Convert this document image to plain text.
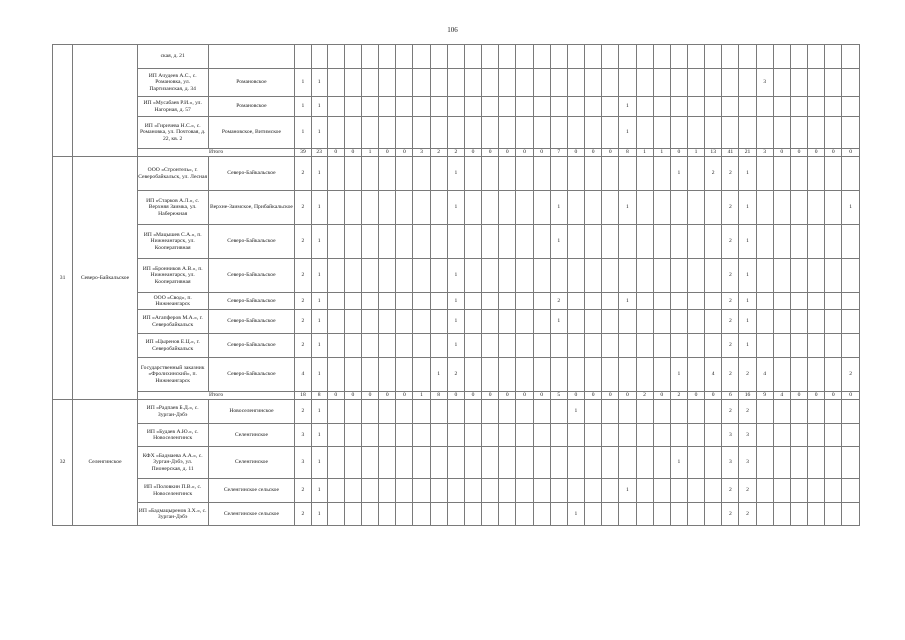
106
		ская, д. 21																																		
		ИП Ачудеев А.С., с. Романовка, ул. Партизанская, д. 34	Романовское	1	1																										3					
		ИП «Мусабаев Р.И.», ул. Нагорная, д. 57	Романовское	1	1																		1													
		ИП «Гиричева Н.С.», с. Романовка, ул. Почтовая, д. 22, кв. 2	Романовское, Витимское	1	1																		1													
		Итого		39	23	0	0	1	0	0	3	2	2	0	0	0	0	0	7	0	0	0	8	1	1	0	1	13	41	21	3	0	0	0	0	0
31	Северо-Байкальское	ООО «Стронтель», г. Северобайкальск, ул. Лесная	Северо-Байкальское	2	1								1													1		2	2	1						
		ИП «Старков А.Л.», с. Верхняя Заимка, ул. Набережная	Верхне-Заимское, Прибайкальское	2	1								1						1				1						2	1						1
		ИП «Мацышев С.А.», п. Нижнеангарск, ул. Кооперативная	Северо-Байкальское	2	1														1										2	1						
		ИП «Бронников А.В.», п. Нижнеангарск, ул. Кооперативная	Северо-Байкальское	2	1								1																2	1						
		ООО «Свод», п. Нижнеангарск	Северо-Байкальское	2	1								1						2				1						2	1						
		ИП «Агапферов М.А.», г. Северобайкальск	Северо-Байкальское	2	1								1						1										2	1						
		ИП «Цыренов Е.Ц.», г. Северобайкальск	Северо-Байкальское	2	1								1																2	1						
		Государственный заказник «Фролихинский», п. Нижнеангарск	Северо-Байкальское	4	1							1	2													1		4	2	2	4					2
		Итого		18	8	0	0	0	0	0	1	8	0	0	0	0	0	0	5	0	0	0	0	2	0	2	0	0	6	16	9	4	0	0	0	0
32	Селенгинское	ИП «Радпаев Б.Д.», с. Зурган-Дэбэ	Новоселенгинское	2	1															1									2	2						
		ИП «Будаев А.Ю.», с. Новоселенгинск	Селенгинское	3	1																								3	3						
		КФХ «Бадмаева А.А.», с. Зурган-Дэбэ, ул. Пионерская, д. 11	Селенгинское	3	1																					1			3	3						
		ИП «Половкин П.В.», с. Новоселенгинск	Селенгинское сельское	2	1																		1						2	2						
		ИП «Бадмацыренов З.Х.», с. Зурган-Дэбэ	Селенгинское сельское	2	1															1									2	2						
